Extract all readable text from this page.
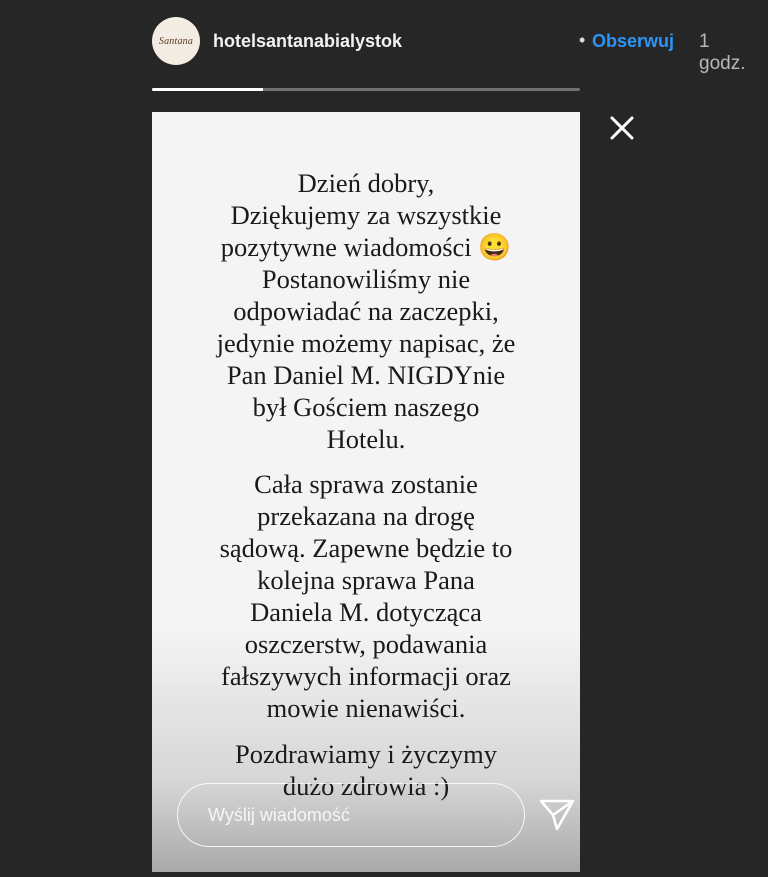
Santana hotelsantanabialystok	• Obserwuj 1 godz.

Dzień dobry,
Dziękujemy za wszystkie
pozytywne wiadomości 😀
Postanowiliśmy nie
odpowiadać na zaczepki,
jedynie możemy napisac, że
Pan Daniel M. NIGDYnie
był Gościem naszego
Hotelu.

Cała sprawa zostanie
przekazana na drogę
sądową. Zapewne będzie to
kolejna sprawa Pana
Daniela M. dotycząca
oszczerstw, podawania
fałszywych informacji oraz
mowie nienawiści.

Pozdrawiamy i życzymy
dużo zdrowia :)

Wyślij wiadomość
